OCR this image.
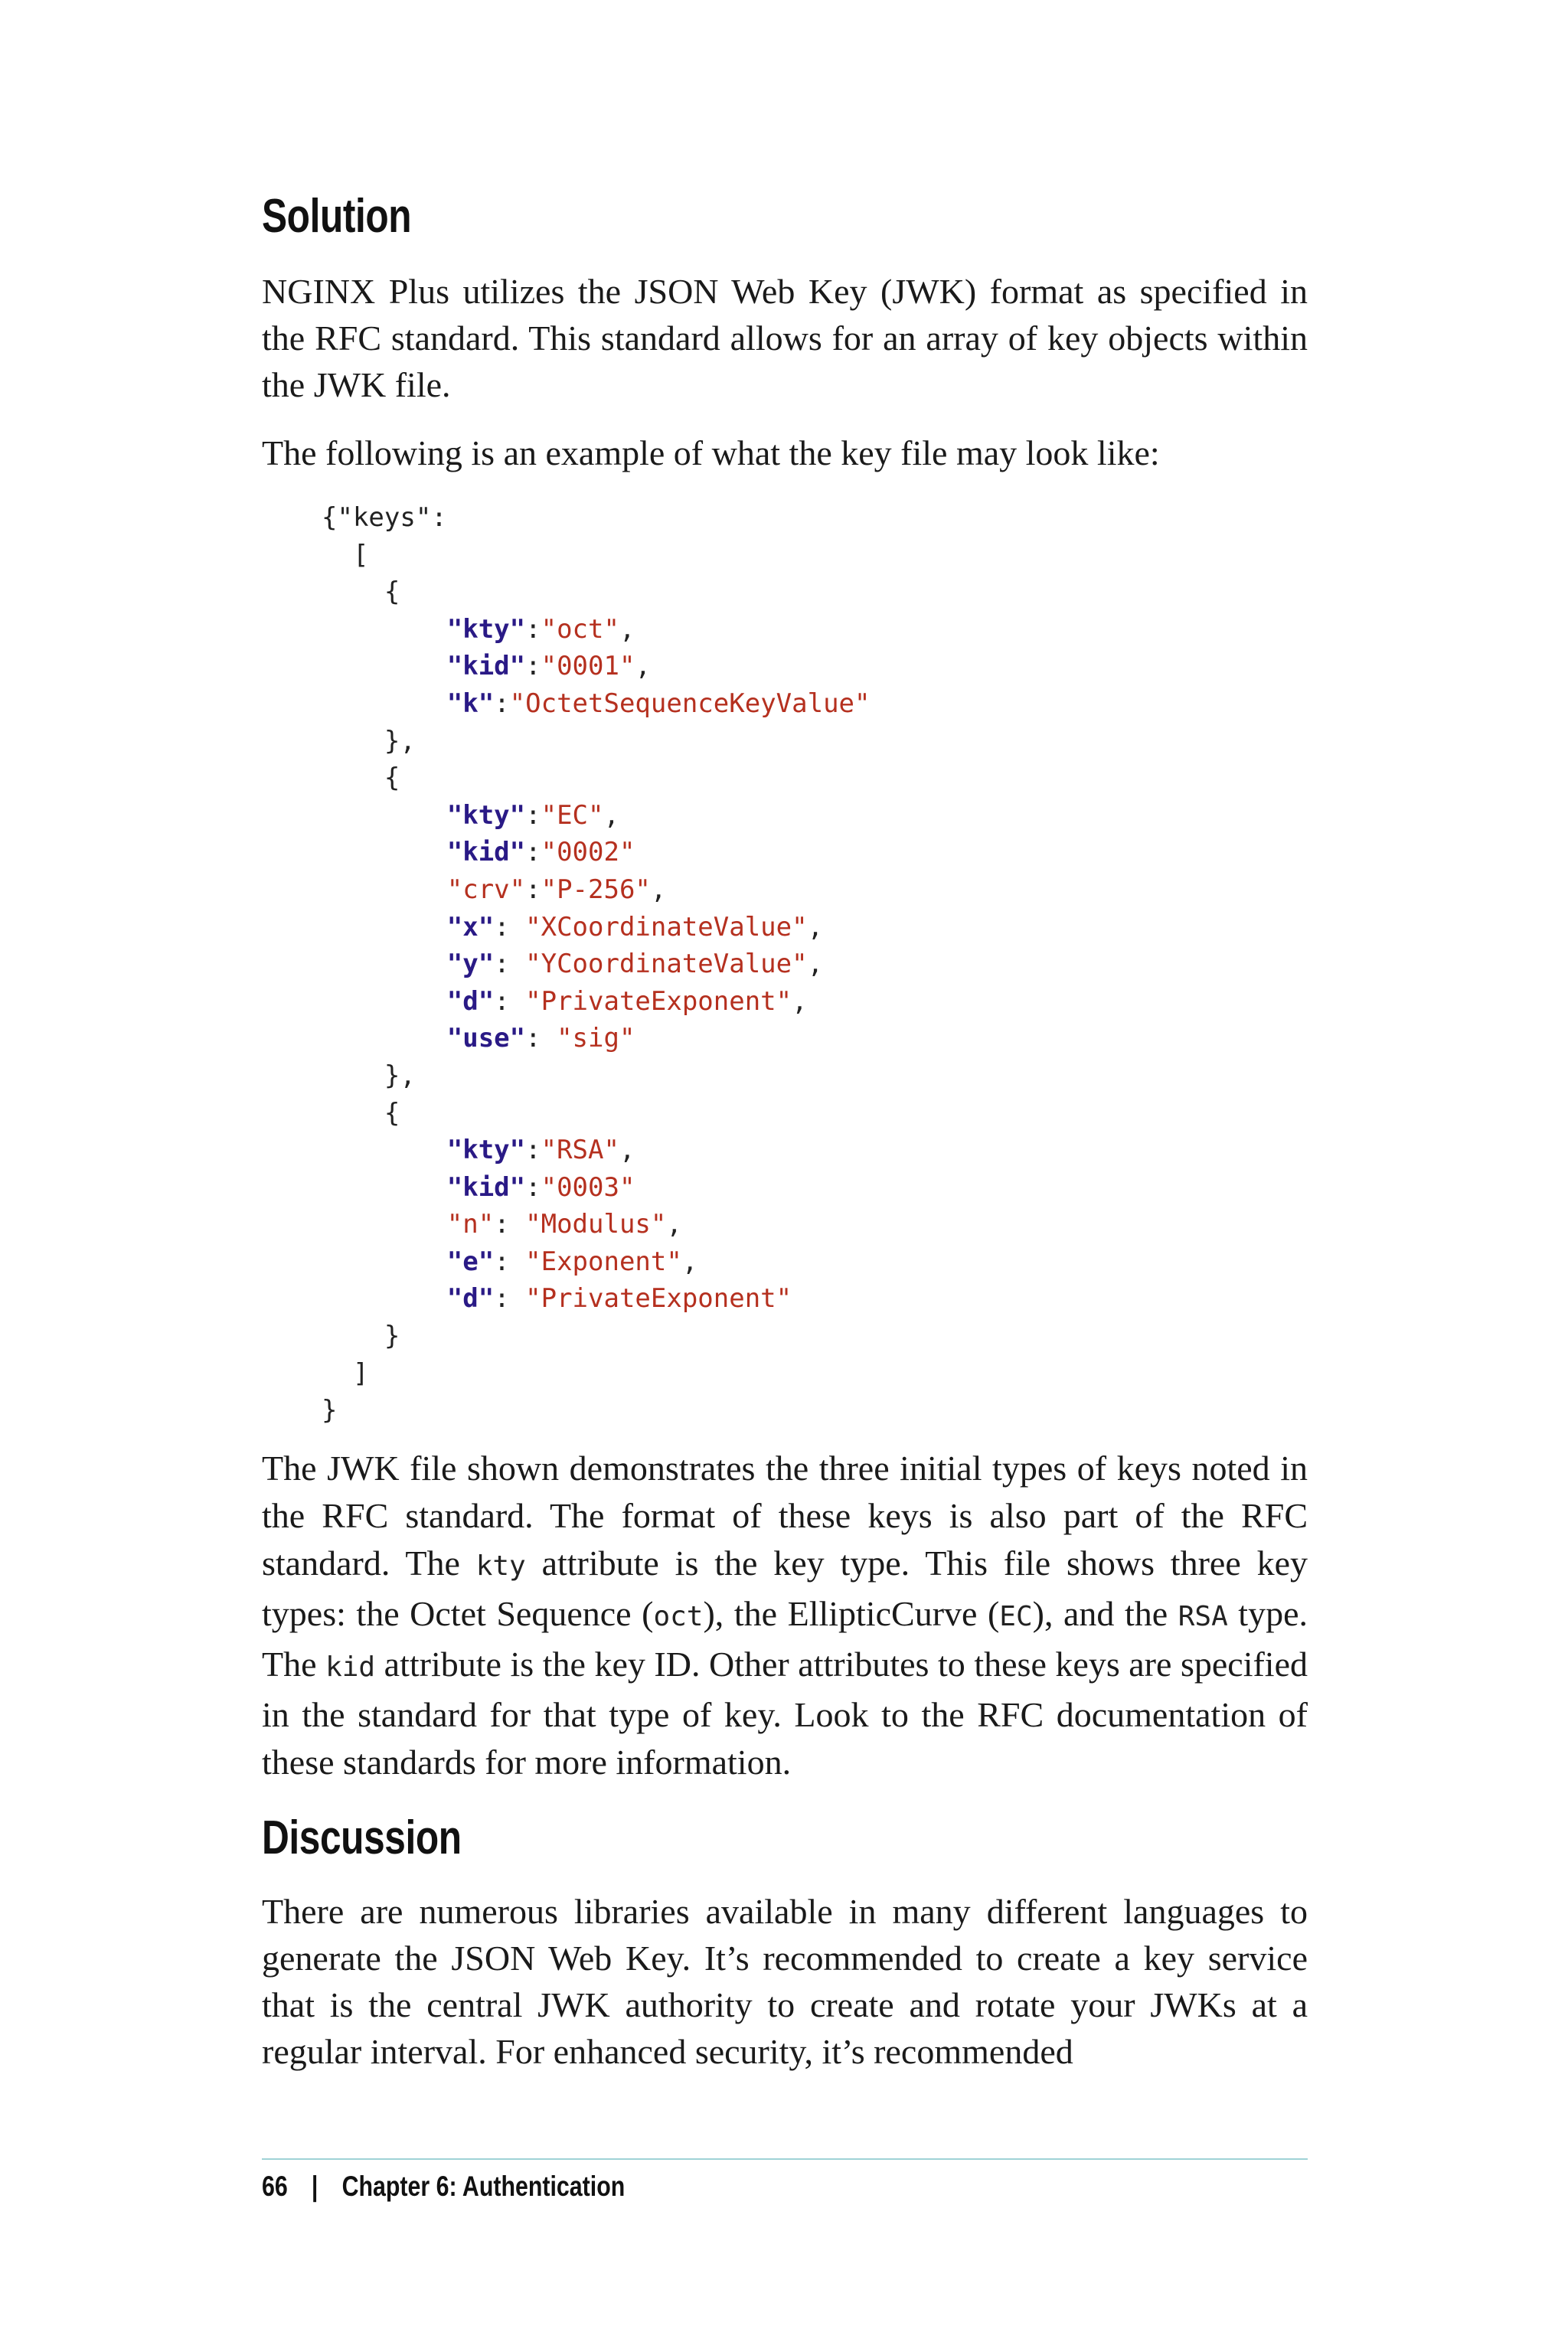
Solution

NGINX Plus utilizes the JSON Web Key (JWK) format as specified in the RFC standard. This standard allows for an array of key objects within the JWK file.

The following is an example of what the key file may look like:

{"keys":
[
{
"kty":"oct",
"kid":"0001",
"k":"OctetSequenceKeyValue"
},
{
"kty":"EC",
"kid":"0002"
"crv":"P-256",
"x": "XCoordinateValue",
"y": "YCoordinateValue",
"d": "PrivateExponent",
"use": "sig"
},
{
"kty":"RSA",
"kid":"0003"
"n": "Modulus",
"e": "Exponent",
"d": "PrivateExponent"
}
]
}

The JWK file shown demonstrates the three initial types of keys noted in the RFC standard. The format of these keys is also part of the RFC standard. The kty attribute is the key type. This file shows three key types: the Octet Sequence (oct), the EllipticCurve (EC), and the RSA type. The kid attribute is the key ID. Other attributes to these keys are specified in the standard for that type of key. Look to the RFC documentation of these standards for more information.

Discussion

There are numerous libraries available in many different languages to generate the JSON Web Key. It’s recommended to create a key service that is the central JWK authority to create and rotate your JWKs at a regular interval. For enhanced security, it’s recommended

66 | Chapter 6: Authentication
